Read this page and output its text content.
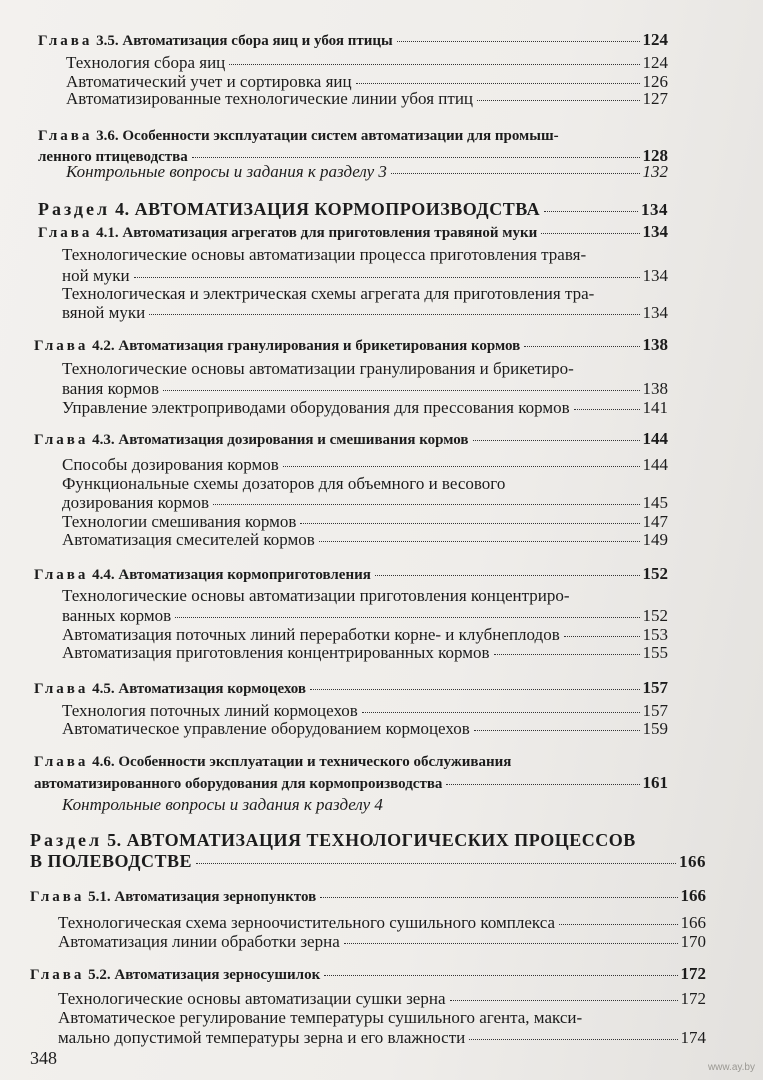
Глава 3.5. Автоматизация сбора яиц и убоя птицы	124
Технология сбора яиц	124
Автоматический учет и сортировка яиц	126
Автоматизированные технологические линии убоя птиц	127
Глава 3.6. Особенности эксплуатации систем автоматизации для промыш-
ленного птицеводства	128
Контрольные вопросы и задания к разделу 3	132
Раздел 4. АВТОМАТИЗАЦИЯ КОРМОПРОИЗВОДСТВА	134
Глава 4.1. Автоматизация агрегатов для приготовления травяной муки	134
Технологические основы автоматизации процесса приготовления травя-
ной муки	134
Технологическая и электрическая схемы агрегата для приготовления тра-
вяной муки	134
Глава 4.2. Автоматизация гранулирования и брикетирования кормов	138
Технологические основы автоматизации гранулирования и брикетиро-
вания кормов	138
Управление электроприводами оборудования для прессования кормов	141
Глава 4.3. Автоматизация дозирования и смешивания кормов	144
Способы дозирования кормов	144
Функциональные схемы дозаторов для объемного и весового
дозирования кормов	145
Технологии смешивания кормов	147
Автоматизация смесителей кормов	149
Глава 4.4. Автоматизация кормоприготовления	152
Технологические основы автоматизации приготовления концентриро-
ванных кормов	152
Автоматизация поточных линий переработки корне- и клубнеплодов	153
Автоматизация приготовления концентрированных кормов	155
Глава 4.5. Автоматизация кормоцехов	157
Технология поточных линий кормоцехов	157
Автоматическое управление оборудованием кормоцехов	159
Глава 4.6. Особенности эксплуатации и технического обслуживания
автоматизированного оборудования для кормопроизводства	161
Контрольные вопросы и задания к разделу 4
Раздел 5. АВТОМАТИЗАЦИЯ ТЕХНОЛОГИЧЕСКИХ ПРОЦЕССОВ
В ПОЛЕВОДСТВЕ	166
Глава 5.1. Автоматизация зернопунктов	166
Технологическая схема зерноочистительного сушильного комплекса	166
Автоматизация линии обработки зерна	170
Глава 5.2. Автоматизация зерносушилок	172
Технологические основы автоматизации сушки зерна	172
Автоматическое регулирование температуры сушильного агента, макси-
мально допустимой температуры зерна и его влажности	174
348	www.ay.by
